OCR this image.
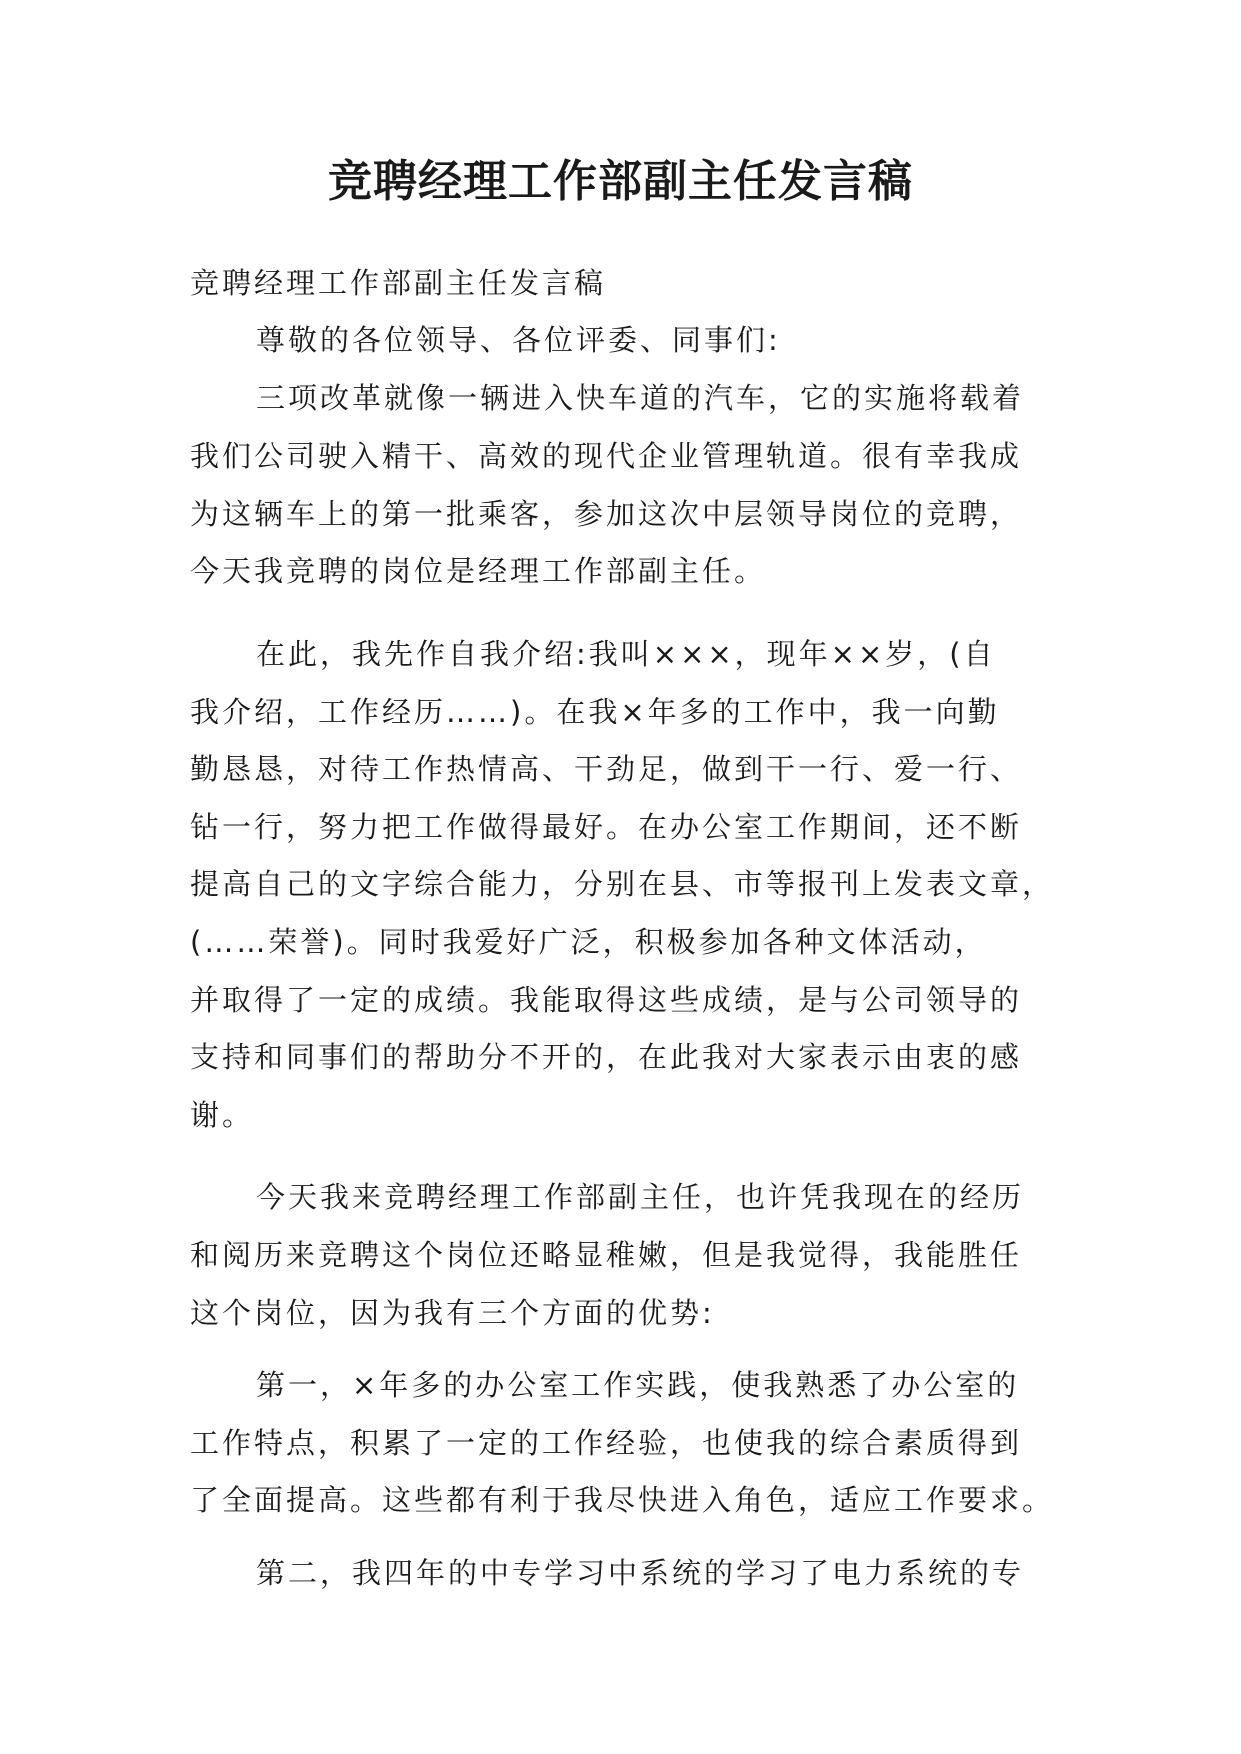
竞聘经理工作部副主任发言稿

竞聘经理工作部副主任发言稿

尊敬的各位领导、各位评委、同事们:

三项改革就像一辆进入快车道的汽车，它的实施将载着

我们公司驶入精干、高效的现代企业管理轨道。很有幸我成

为这辆车上的第一批乘客，参加这次中层领导岗位的竞聘，

今天我竞聘的岗位是经理工作部副主任。

在此，我先作自我介绍:我叫×××，现年××岁，(自

我介绍，工作经历……)。在我×年多的工作中，我一向勤

勤恳恳，对待工作热情高、干劲足，做到干一行、爱一行、

钻一行，努力把工作做得最好。在办公室工作期间，还不断

提高自己的文字综合能力，分别在县、市等报刊上发表文章，

(……荣誉)。同时我爱好广泛，积极参加各种文体活动，

并取得了一定的成绩。我能取得这些成绩，是与公司领导的

支持和同事们的帮助分不开的，在此我对大家表示由衷的感

谢。

今天我来竞聘经理工作部副主任，也许凭我现在的经历

和阅历来竞聘这个岗位还略显稚嫩，但是我觉得，我能胜任

这个岗位，因为我有三个方面的优势:

第一，×年多的办公室工作实践，使我熟悉了办公室的

工作特点，积累了一定的工作经验，也使我的综合素质得到

了全面提高。这些都有利于我尽快进入角色，适应工作要求。

第二，我四年的中专学习中系统的学习了电力系统的专
